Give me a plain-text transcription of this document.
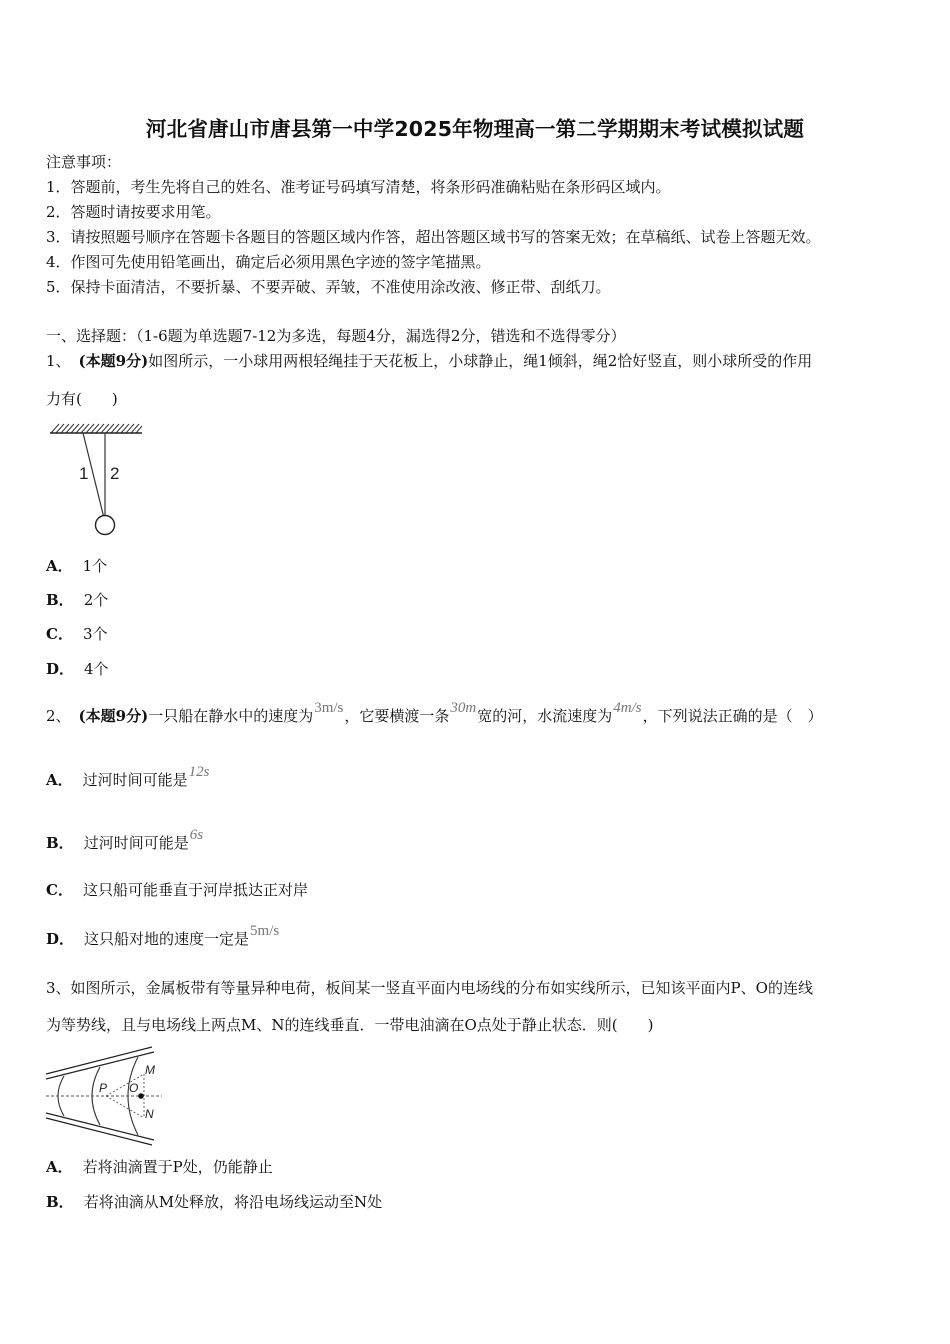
河北省唐山市唐县第一中学2025年物理高一第二学期期末考试模拟试题
注意事项：
1．答题前，考生先将自己的姓名、准考证号码填写清楚，将条形码准确粘贴在条形码区域内。
2．答题时请按要求用笔。
3．请按照题号顺序在答题卡各题目的答题区域内作答，超出答题区域书写的答案无效；在草稿纸、试卷上答题无效。
4．作图可先使用铅笔画出，确定后必须用黑色字迹的签字笔描黑。
5．保持卡面清洁，不要折暴、不要弄破、弄皱，不准使用涂改液、修正带、刮纸刀。
一、选择题：（1-6题为单选题7-12为多选，每题4分，漏选得2分，错选和不选得零分）
1、 (本题9分)如图所示，一小球用两根轻绳挂于天花板上，小球静止，绳1倾斜，绳2恰好竖直，则小球所受的作用
力有(　　)
1 2
A． 1个
B． 2个
C． 3个
D． 4个
2、 (本题9分)一只船在静水中的速度为3m/s，它要横渡一条30m宽的河，水流速度为4m/s，下列说法正确的是（　）
A． 过河时间可能是12s
B． 过河时间可能是6s
C． 这只船可能垂直于河岸抵达正对岸
D． 这只船对地的速度一定是5m/s
3、如图所示，金属板带有等量异种电荷，板间某一竖直平面内电场线的分布如实线所示，已知该平面内P、O的连线
为等势线，且与电场线上两点M、N的连线垂直．一带电油滴在O点处于静止状态．则(　　)
P O
M
N
A． 若将油滴置于P处，仍能静止
B． 若将油滴从M处释放，将沿电场线运动至N处
